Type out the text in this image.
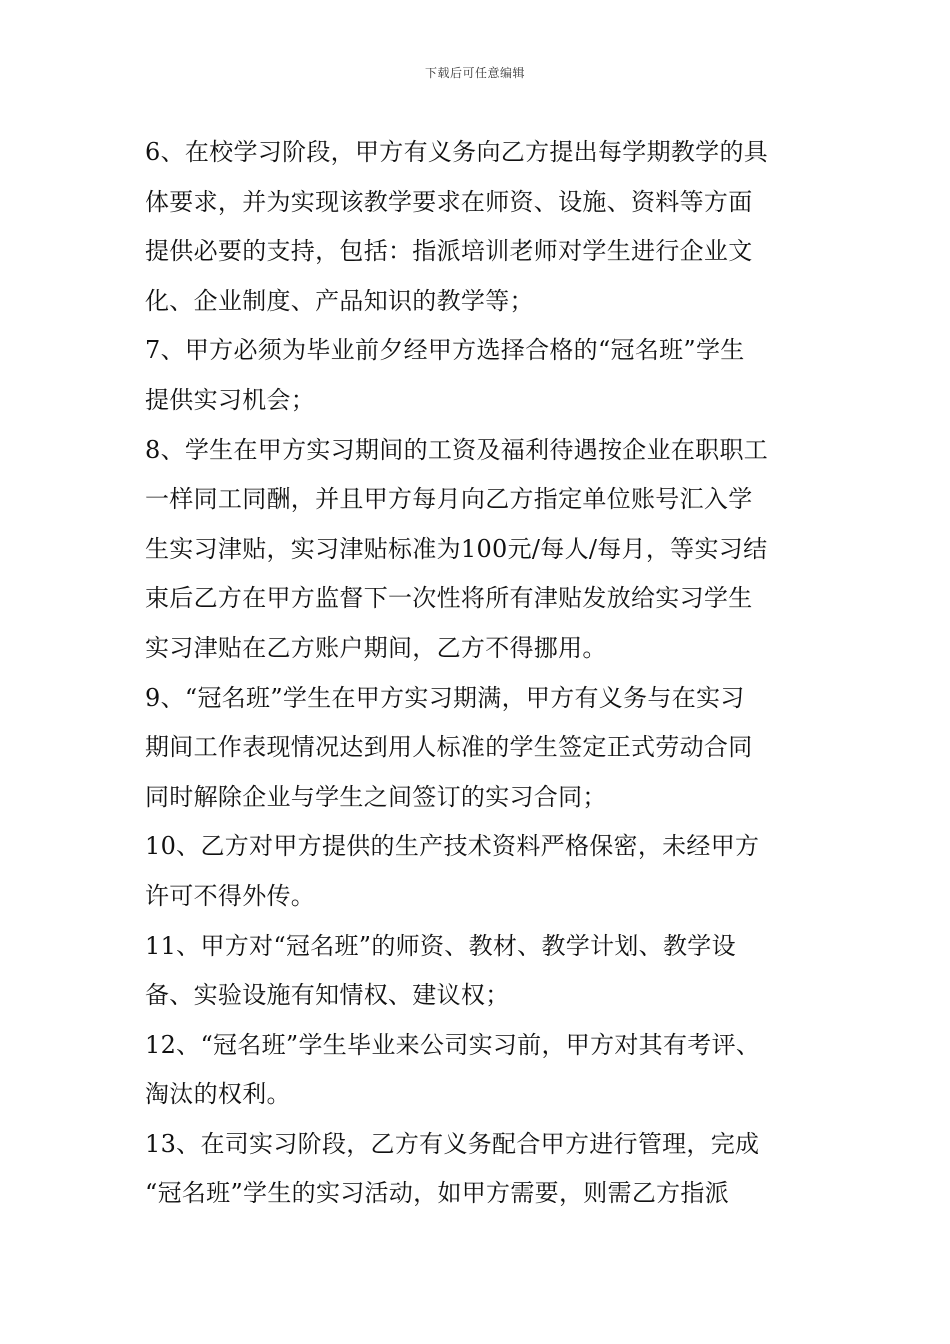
下载后可任意编辑
6、在校学习阶段，甲方有义务向乙方提出每学期教学的具
体要求，并为实现该教学要求在师资、设施、资料等方面
提供必要的支持，包括：指派培训老师对学生进行企业文
化、企业制度、产品知识的教学等；
7、甲方必须为毕业前夕经甲方选择合格的“冠名班”学生
提供实习机会；
8、学生在甲方实习期间的工资及福利待遇按企业在职职工
一样同工同酬，并且甲方每月向乙方指定单位账号汇入学
生实习津贴，实习津贴标准为100元/每人/每月，等实习结
束后乙方在甲方监督下一次性将所有津贴发放给实习学生
实习津贴在乙方账户期间，乙方不得挪用。
9、“冠名班”学生在甲方实习期满，甲方有义务与在实习
期间工作表现情况达到用人标准的学生签定正式劳动合同
同时解除企业与学生之间签订的实习合同；
10、乙方对甲方提供的生产技术资料严格保密，未经甲方
许可不得外传。
11、甲方对“冠名班”的师资、教材、教学计划、教学设
备、实验设施有知情权、建议权；
12、“冠名班”学生毕业来公司实习前，甲方对其有考评、
淘汰的权利。
13、在司实习阶段，乙方有义务配合甲方进行管理，完成
“冠名班”学生的实习活动，如甲方需要，则需乙方指派
